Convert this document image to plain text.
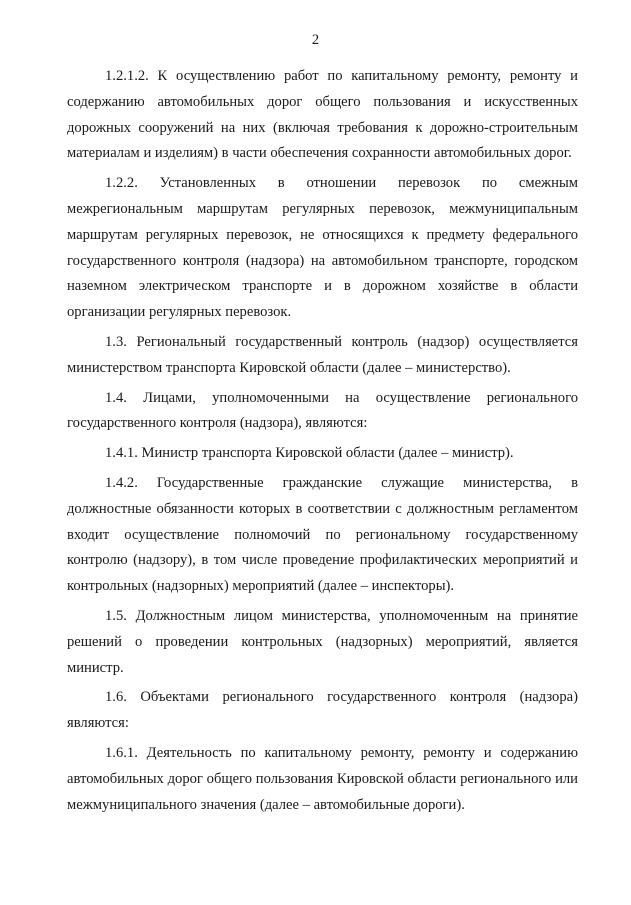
2

1.2.1.2. К осуществлению работ по капитальному ремонту, ремонту и содержанию автомобильных дорог общего пользования и искусственных дорожных сооружений на них (включая требования к дорожно-строительным материалам и изделиям) в части обеспечения сохранности автомобильных дорог.

1.2.2. Установленных в отношении перевозок по смежным межрегиональным маршрутам регулярных перевозок, межмуниципальным маршрутам регулярных перевозок, не относящихся к предмету федерального государственного контроля (надзора) на автомобильном транспорте, городском наземном электрическом транспорте и в дорожном хозяйстве в области организации регулярных перевозок.

1.3. Региональный государственный контроль (надзор) осуществляется министерством транспорта Кировской области (далее – министерство).

1.4. Лицами, уполномоченными на осуществление регионального государственного контроля (надзора), являются:

1.4.1. Министр транспорта Кировской области (далее – министр).

1.4.2. Государственные гражданские служащие министерства, в должностные обязанности которых в соответствии с должностным регламентом входит осуществление полномочий по региональному государственному контролю (надзору), в том числе проведение профилактических мероприятий и контрольных (надзорных) мероприятий (далее – инспекторы).

1.5. Должностным лицом министерства, уполномоченным на принятие решений о проведении контрольных (надзорных) мероприятий, является министр.

1.6. Объектами регионального государственного контроля (надзора) являются:

1.6.1. Деятельность по капитальному ремонту, ремонту и содержанию автомобильных дорог общего пользования Кировской области регионального или межмуниципального значения (далее – автомобильные дороги).
